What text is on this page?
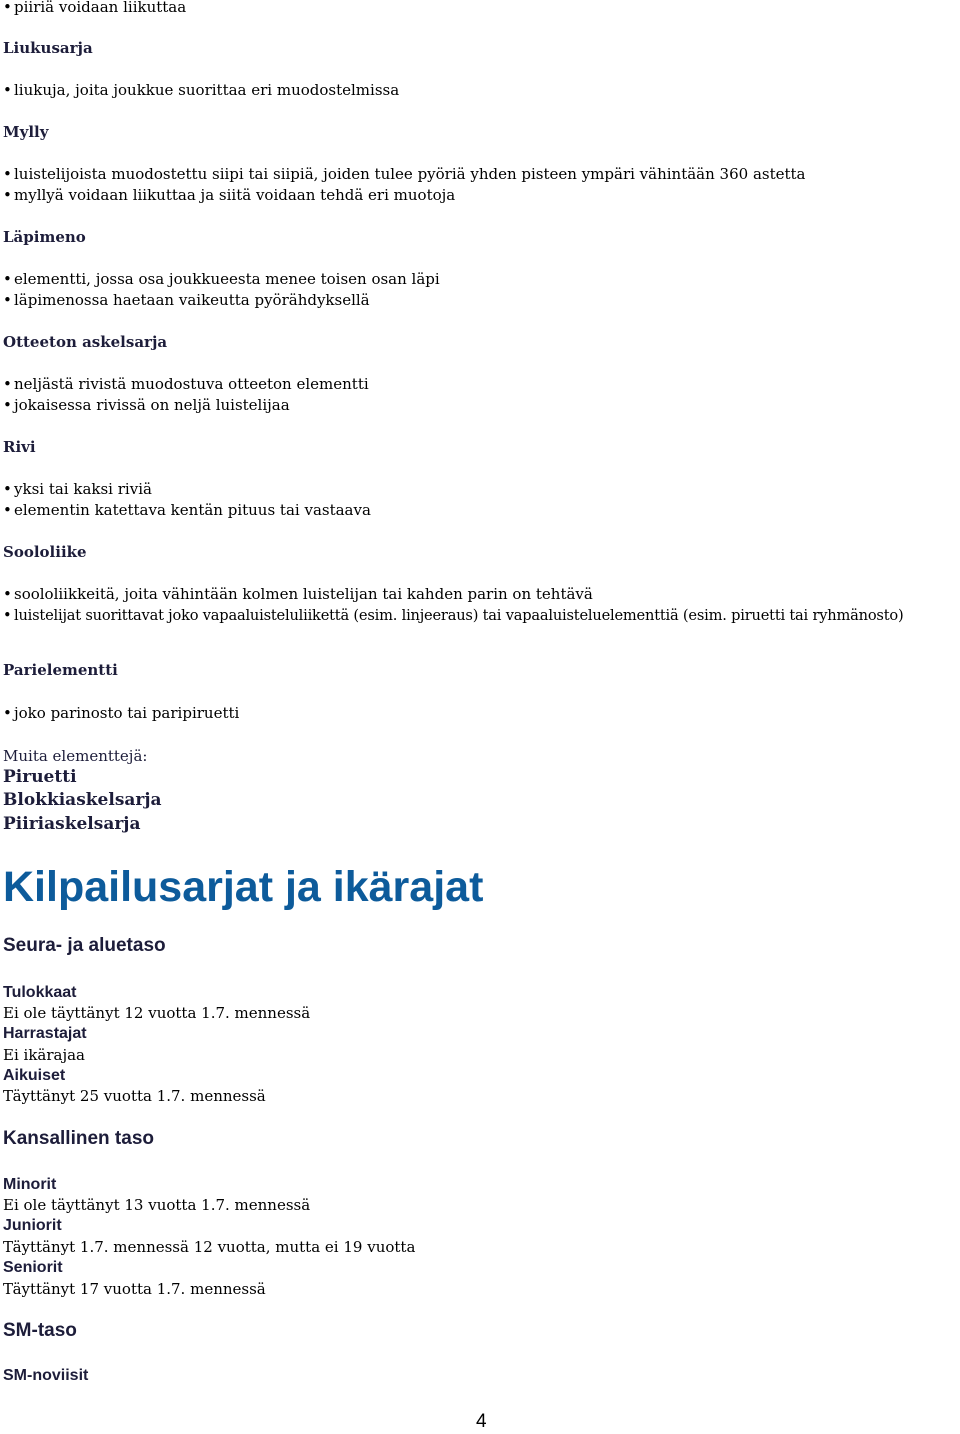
• piiriä voidaan liikuttaa
Liukusarja
• liukuja, joita joukkue suorittaa eri muodostelmissa
Mylly
• luistelijoista muodostettu siipi tai siipiä, joiden tulee pyöriä yhden pisteen ympäri vähintään 360 astetta
• myllyä voidaan liikuttaa ja siitä voidaan tehdä eri muotoja
Läpimeno
• elementti, jossa osa joukkueesta menee toisen osan läpi
• läpimenossa haetaan vaikeutta pyörähdyksellä
Otteeton askelsarja
• neljästä rivistä muodostuva otteeton elementti
• jokaisessa rivissä on neljä luistelijaa
Rivi
• yksi tai kaksi riviä
• elementin katettava kentän pituus tai vastaava
Soololiike
• soololiikkeitä, joita vähintään kolmen luistelijan tai kahden parin on tehtävä
• luistelijat suorittavat joko vapaaluisteluliikettä (esim. linjeeraus) tai vapaaluisteluelementtiä (esim. piruetti tai ryhmänosto)
Parielementti
• joko parinosto tai paripiruetti
Muita elementtejä:
Piruetti
Blokkiaskelsarja
Piiriaskelsarja
Kilpailusarjat ja ikärajat
Seura- ja aluetaso
Tulokkaat
Ei ole täyttänyt 12 vuotta 1.7. mennessä
Harrastajat
Ei ikärajaa
Aikuiset
Täyttänyt 25 vuotta 1.7. mennessä
Kansallinen taso
Minorit
Ei ole täyttänyt 13 vuotta 1.7. mennessä
Juniorit
Täyttänyt 1.7. mennessä 12 vuotta, mutta ei 19 vuotta
Seniorit
Täyttänyt 17 vuotta 1.7. mennessä
SM-taso
SM-noviisit
4
